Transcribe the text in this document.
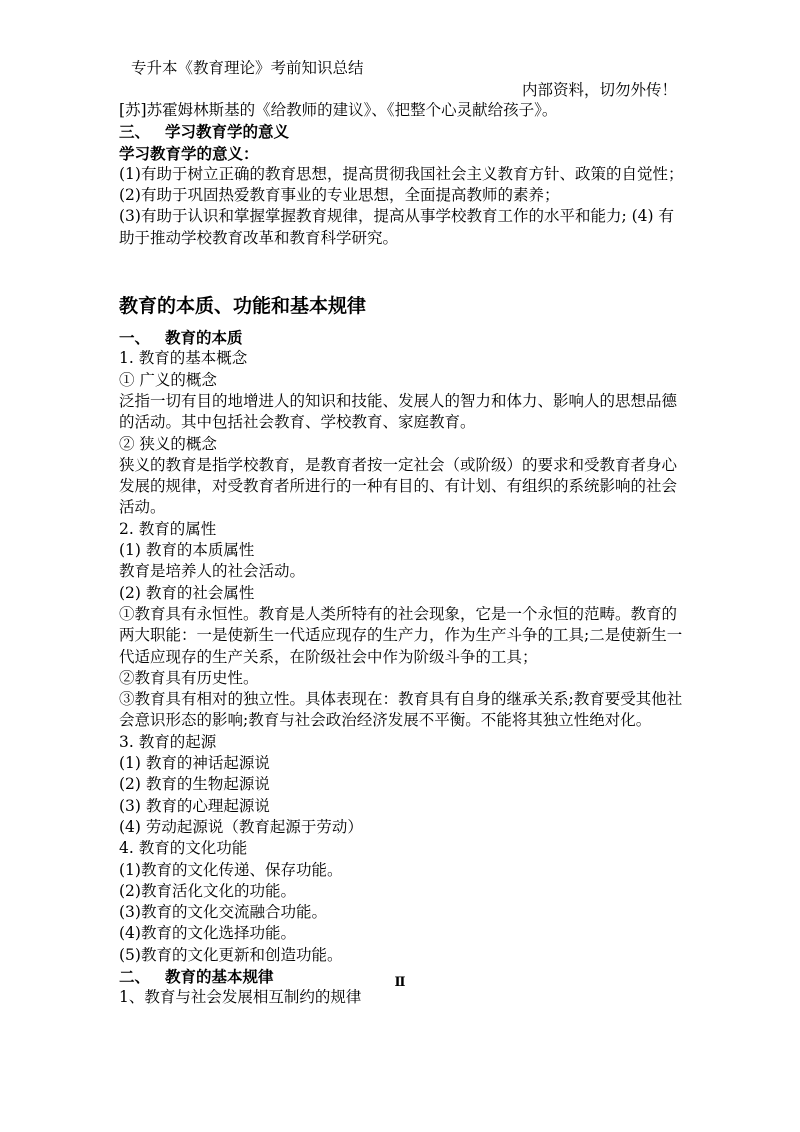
专升本《教育理论》考前知识总结
内部资料，切勿外传！

[苏]苏霍姆林斯基的《给教师的建议》、《把整个心灵献给孩子》。

三、 学习教育学的意义

学习教育学的意义：

(1)有助于树立正确的教育思想，提高贯彻我国社会主义教育方针、政策的自觉性；

(2)有助于巩固热爱教育事业的专业思想，全面提高教师的素养；

(3)有助于认识和掌握掌握教育规律，提高从事学校教育工作的水平和能力; (4) 有助于推动学校教育改革和教育科学研究。

教育的本质、功能和基本规律

一、 教育的本质

1. 教育的基本概念

① 广义的概念

泛指一切有目的地增进人的知识和技能、发展人的智力和体力、影响人的思想品德的活动。其中包括社会教育、学校教育、家庭教育。

② 狭义的概念

狭义的教育是指学校教育，是教育者按一定社会（或阶级）的要求和受教育者身心发展的规律，对受教育者所进行的一种有目的、有计划、有组织的系统影响的社会活动。

2. 教育的属性

(1) 教育的本质属性

教育是培养人的社会活动。

(2) 教育的社会属性

①教育具有永恒性。教育是人类所特有的社会现象，它是一个永恒的范畴。教育的两大职能：一是使新生一代适应现存的生产力，作为生产斗争的工具;二是使新生一代适应现存的生产关系，在阶级社会中作为阶级斗争的工具；

②教育具有历史性。

③教育具有相对的独立性。具体表现在：教育具有自身的继承关系;教育要受其他社会意识形态的影响;教育与社会政治经济发展不平衡。不能将其独立性绝对化。

3. 教育的起源

(1) 教育的神话起源说

(2) 教育的生物起源说

(3) 教育的心理起源说

(4) 劳动起源说（教育起源于劳动）

4. 教育的文化功能

(1)教育的文化传递、保存功能。

(2)教育活化文化的功能。

(3)教育的文化交流融合功能。

(4)教育的文化选择功能。

(5)教育的文化更新和创造功能。

二、 教育的基本规律

1、教育与社会发展相互制约的规律

Ⅱ
